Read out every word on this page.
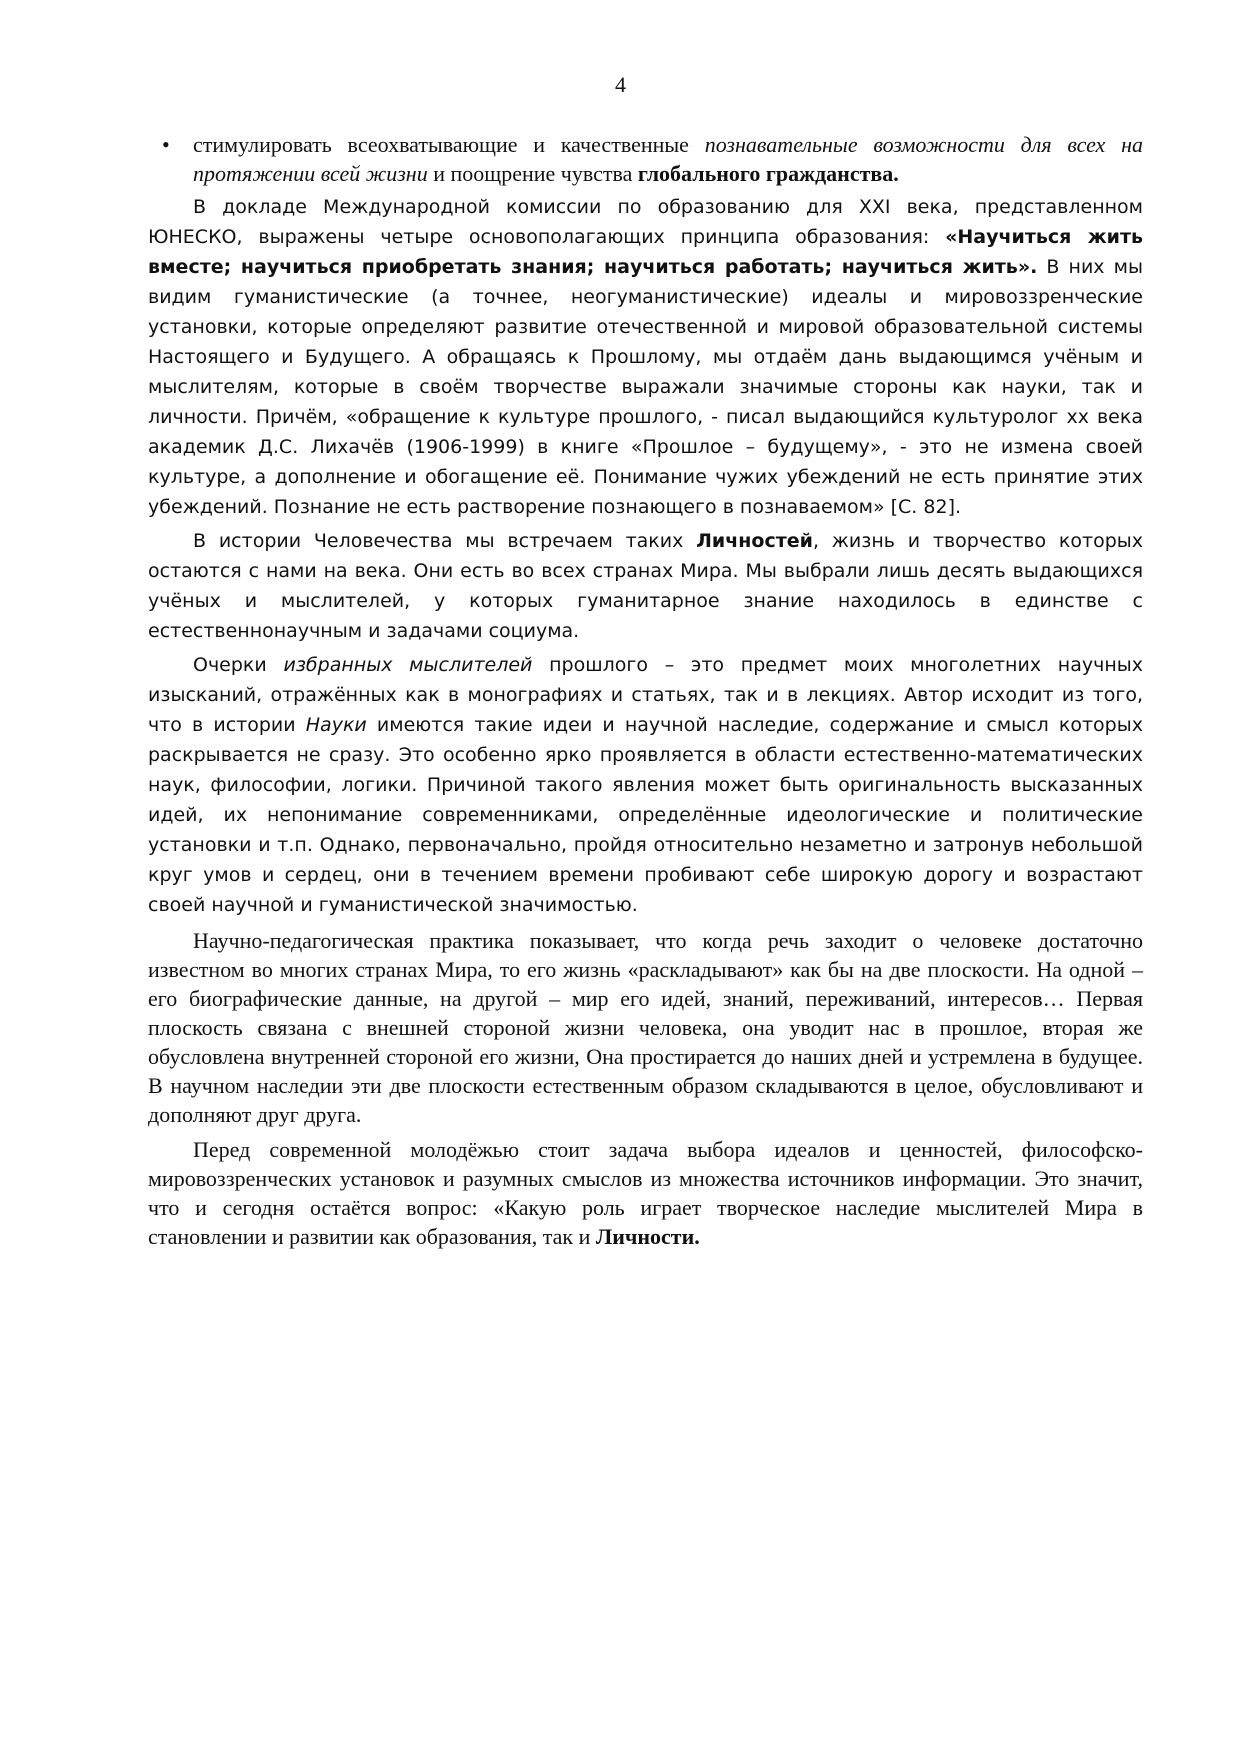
4

• стимулировать всеохватывающие и качественные познавательные возможности для всех на протяжении всей жизни и поощрение чувства глобального гражданства.

В докладе Международной комиссии по образованию для XXI века, представленном ЮНЕСКО, выражены четыре основополагающих принципа образования: «Научиться жить вместе; научиться приобретать знания; научиться работать; научиться жить». В них мы видим гуманистические (а точнее, неогуманистические) идеалы и мировоззренческие установки, которые определяют развитие отечественной и мировой образовательной системы Настоящего и Будущего. А обращаясь к Прошлому, мы отдаём дань выдающимся учёным и мыслителям, которые в своём творчестве выражали значимые стороны как науки, так и личности. Причём, «обращение к культуре прошлого, - писал выдающийся культуролог хх века академик Д.С. Лихачёв (1906-1999) в книге «Прошлое – будущему», - это не измена своей культуре, а дополнение и обогащение её. Понимание чужих убеждений не есть принятие этих убеждений. Познание не есть растворение познающего в познаваемом» [С. 82].

В истории Человечества мы встречаем таких Личностей, жизнь и творчество которых остаются с нами на века. Они есть во всех странах Мира. Мы выбрали лишь десять выдающихся учёных и мыслителей, у которых гуманитарное знание находилось в единстве с естественнонаучным и задачами социума.

Очерки избранных мыслителей прошлого – это предмет моих многолетних научных изысканий, отражённых как в монографиях и статьях, так и в лекциях. Автор исходит из того, что в истории Науки имеются такие идеи и научной наследие, содержание и смысл которых раскрывается не сразу. Это особенно ярко проявляется в области естественно-математических наук, философии, логики. Причиной такого явления может быть оригинальность высказанных идей, их непонимание современниками, определённые идеологические и политические установки и т.п. Однако, первоначально, пройдя относительно незаметно и затронув небольшой круг умов и сердец, они в течением времени пробивают себе широкую дорогу и возрастают своей научной и гуманистической значимостью.

Научно-педагогическая практика показывает, что когда речь заходит о человеке достаточно известном во многих странах Мира, то его жизнь «раскладывают» как бы на две плоскости. На одной – его биографические данные, на другой – мир его идей, знаний, переживаний, интересов… Первая плоскость связана с внешней стороной жизни человека, она уводит нас в прошлое, вторая же обусловлена внутренней стороной его жизни, Она простирается до наших дней и устремлена в будущее. В научном наследии эти две плоскости естественным образом складываются в целое, обусловливают и дополняют друг друга.

Перед современной молодёжью стоит задача выбора идеалов и ценностей, философско-мировоззренческих установок и разумных смыслов из множества источников информации. Это значит, что и сегодня остаётся вопрос: «Какую роль играет творческое наследие мыслителей Мира в становлении и развитии как образования, так и Личности.
